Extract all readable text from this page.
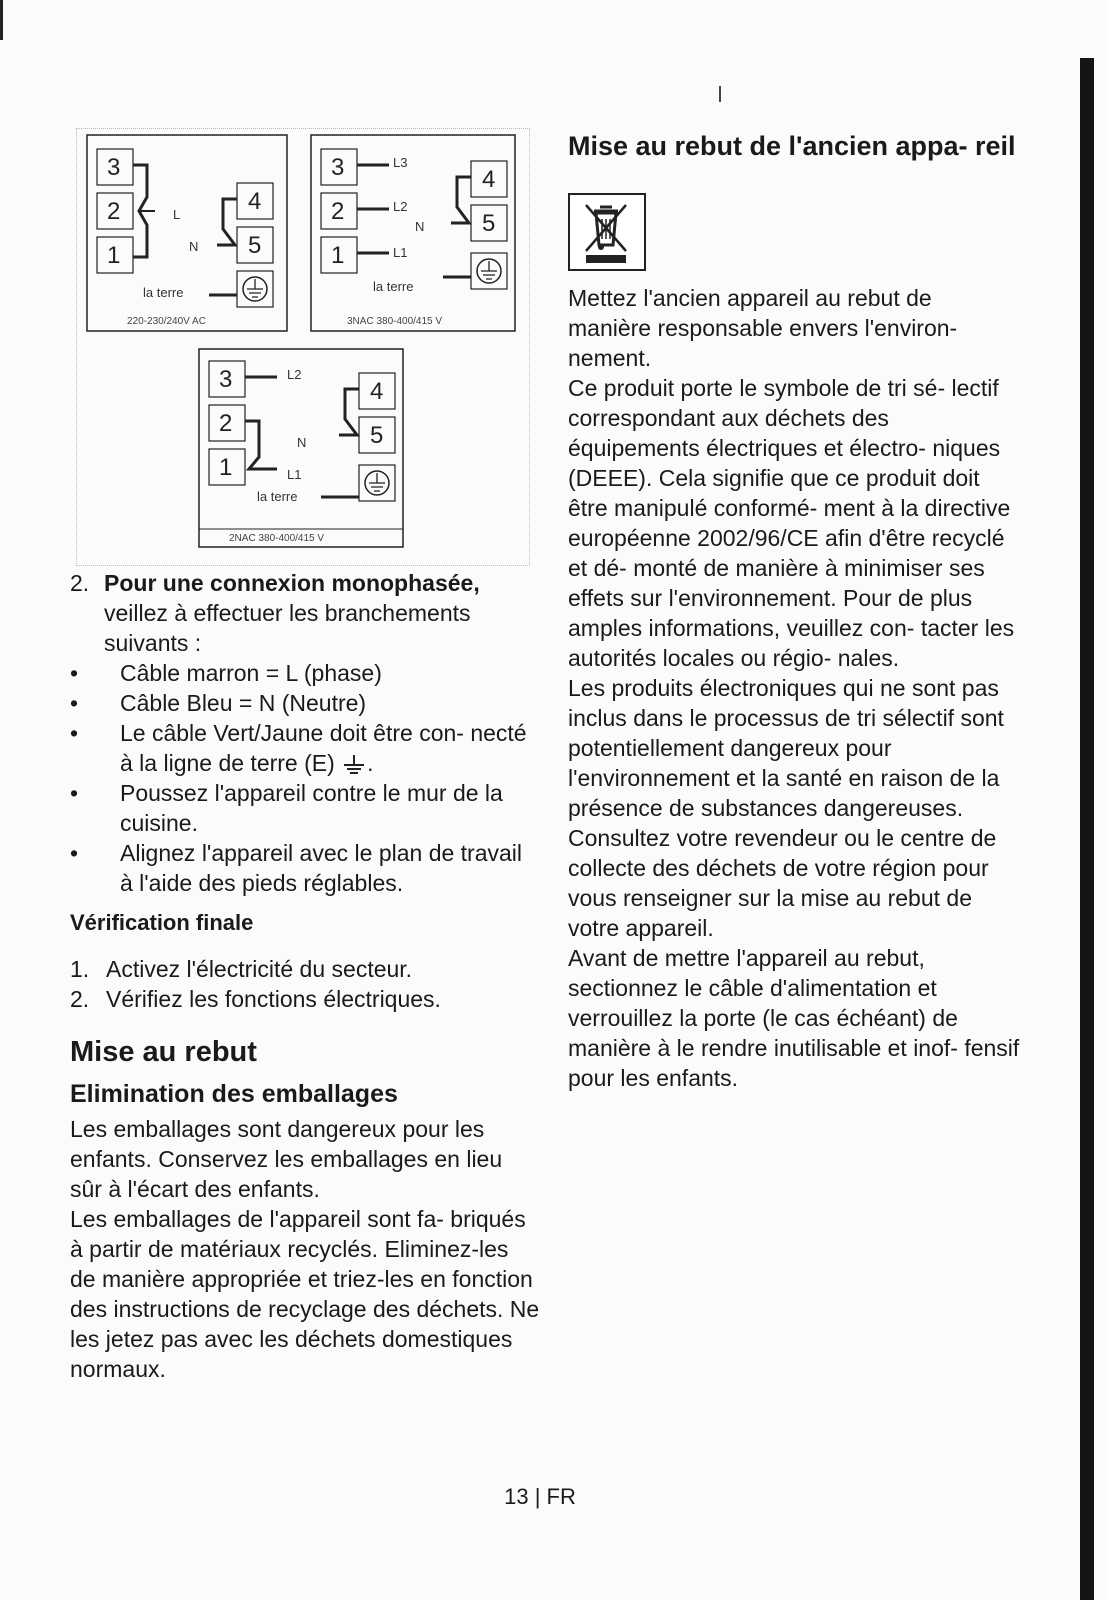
3
2
1
L	4
5
N
la terre
220-230/240V AC
3
2
1
L3
L2
L1
4
5
N
la terre
3NAC 380-400/415 V
3
2
1
L2
L1
4
5
N
la terre
2NAC 380-400/415 V
2. Pour une connexion monophasée,
veillez à effectuer les branchements suivants :
•	Câble marron = L (phase)
•	Câble Bleu = N (Neutre)
•	Le câble Vert/Jaune doit être con- necté à la ligne de terre (E) .
•	Poussez l'appareil contre le mur de la cuisine.
•	Alignez l'appareil avec le plan de travail à l'aide des pieds réglables.
Vérification finale
1. Activez l'électricité du secteur.
2. Vérifiez les fonctions électriques.
Mise au rebut
Elimination des emballages

Les emballages sont dangereux pour les enfants. Conservez les emballages en lieu sûr à l'écart des enfants.

Les emballages de l'appareil sont fa- briqués à partir de matériaux recyclés. Eliminez-les de manière appropriée et triez-les en fonction des instructions de recyclage des déchets. Ne les jetez pas avec les déchets domestiques normaux.

Mise au rebut de l'ancien appa- reil

Mettez l'ancien appareil au rebut de manière responsable envers l'environ- nement.

Ce produit porte le symbole de tri sé- lectif correspondant aux déchets des équipements électriques et électro- niques (DEEE). Cela signifie que ce produit doit être manipulé conformé- ment à la directive européenne 2002/96/CE afin d'être recyclé et dé- monté de manière à minimiser ses effets sur l'environnement. Pour de plus amples informations, veuillez con- tacter les autorités locales ou régio- nales.

Les produits électroniques qui ne sont pas inclus dans le processus de tri sélectif sont potentiellement dangereux pour l'environnement et la santé en raison de la présence de substances dangereuses.

Consultez votre revendeur ou le centre de collecte des déchets de votre région pour vous renseigner sur la mise au rebut de votre appareil.

Avant de mettre l'appareil au rebut, sectionnez le câble d'alimentation et verrouillez la porte (le cas échéant) de manière à le rendre inutilisable et inof- fensif pour les enfants.

13 | FR
